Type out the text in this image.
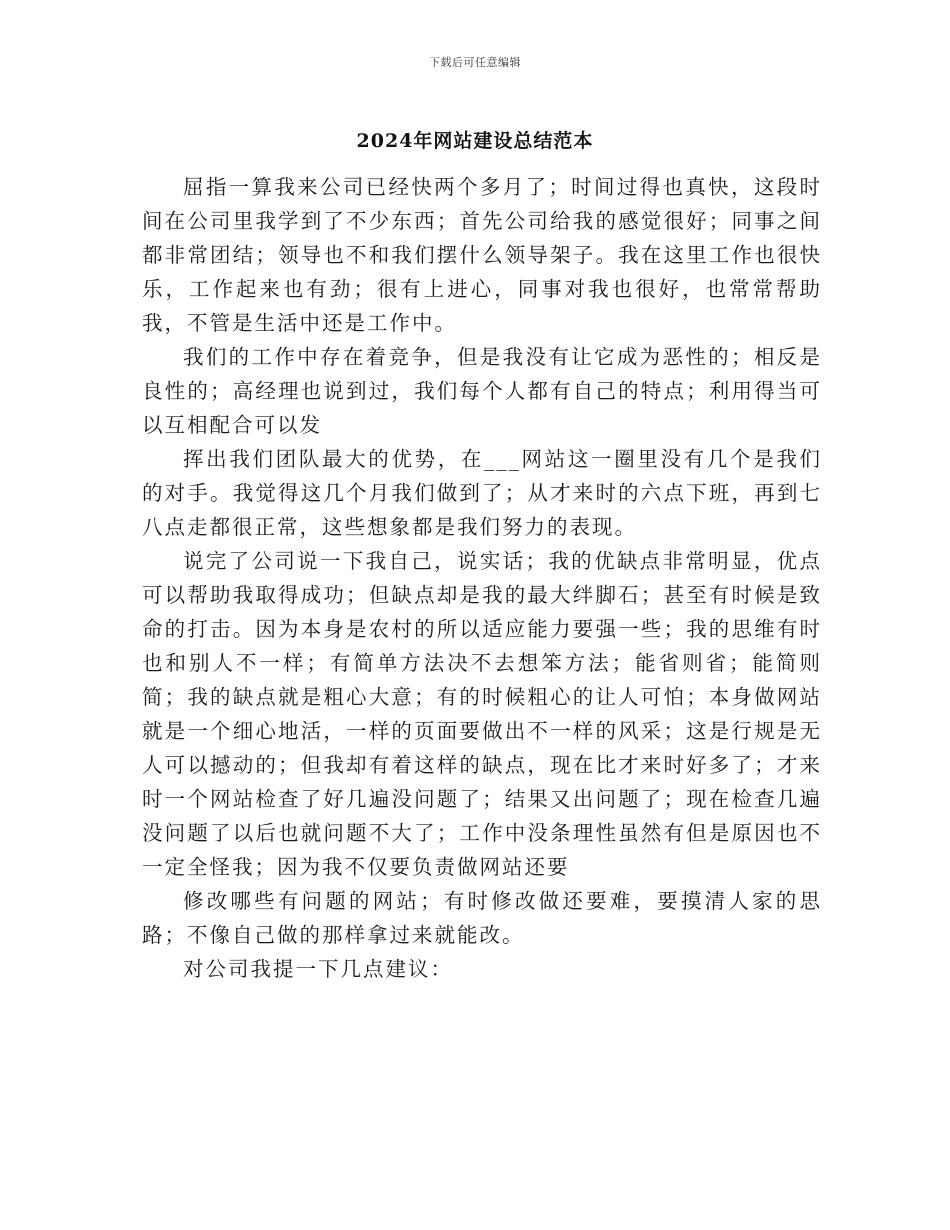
下载后可任意编辑
2024年网站建设总结范本

屈指一算我来公司已经快两个多月了；时间过得也真快，这段时间在公司里我学到了不少东西；首先公司给我的感觉很好；同事之间都非常团结；领导也不和我们摆什么领导架子。我在这里工作也很快乐，工作起来也有劲；很有上进心，同事对我也很好，也常常帮助我，不管是生活中还是工作中。

我们的工作中存在着竞争，但是我没有让它成为恶性的；相反是良性的；高经理也说到过，我们每个人都有自己的特点；利用得当可以互相配合可以发

挥出我们团队最大的优势，在___网站这一圈里没有几个是我们的对手。我觉得这几个月我们做到了；从才来时的六点下班，再到七八点走都很正常，这些想象都是我们努力的表现。

说完了公司说一下我自己，说实话；我的优缺点非常明显，优点可以帮助我取得成功；但缺点却是我的最大绊脚石；甚至有时候是致命的打击。因为本身是农村的所以适应能力要强一些；我的思维有时也和别人不一样；有简单方法决不去想笨方法；能省则省；能简则简；我的缺点就是粗心大意；有的时候粗心的让人可怕；本身做网站就是一个细心地活，一样的页面要做出不一样的风采；这是行规是无人可以撼动的；但我却有着这样的缺点，现在比才来时好多了；才来时一个网站检查了好几遍没问题了；结果又出问题了；现在检查几遍没问题了以后也就问题不大了；工作中没条理性虽然有但是原因也不一定全怪我；因为我不仅要负责做网站还要

修改哪些有问题的网站；有时修改做还要难，要摸清人家的思路；不像自己做的那样拿过来就能改。

对公司我提一下几点建议：
